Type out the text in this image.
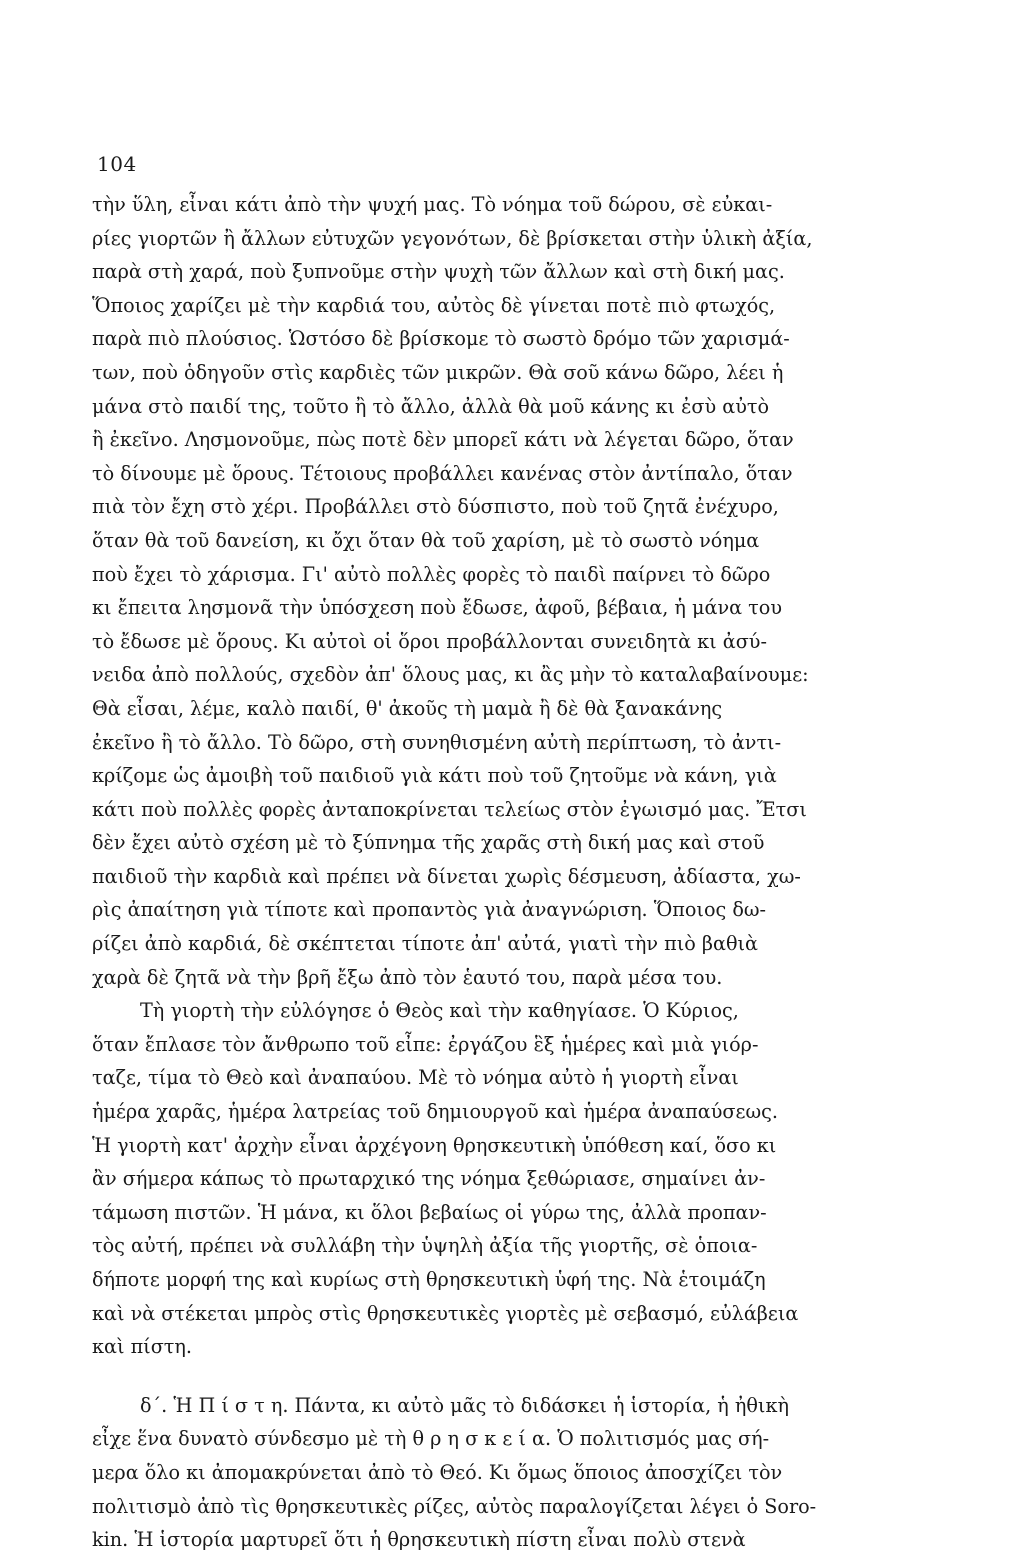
104
τὴν ὕλη, εἶναι κάτι ἀπὸ τὴν ψυχή μας. Τὸ νόημα τοῦ δώρου, σὲ εὐκαι-
ρίες γιορτῶν ἢ ἄλλων εὐτυχῶν γεγονότων, δὲ βρίσκεται στὴν ὑλικὴ ἀξία,
παρὰ στὴ χαρά, ποὺ ξυπνοῦμε στὴν ψυχὴ τῶν ἄλλων καὶ στὴ δική μας.
Ὅποιος χαρίζει μὲ τὴν καρδιά του, αὐτὸς δὲ γίνεται ποτὲ πιὸ φτωχός,
παρὰ πιὸ πλούσιος. Ὡστόσο δὲ βρίσκομε τὸ σωστὸ δρόμο τῶν χαρισμά-
των, ποὺ ὁδηγοῦν στὶς καρδιὲς τῶν μικρῶν. Θὰ σοῦ κάνω δῶρο, λέει ἡ
μάνα στὸ παιδί της, τοῦτο ἢ τὸ ἄλλο, ἀλλὰ θὰ μοῦ κάνης κι ἐσὺ αὐτὸ
ἢ ἐκεῖνο. Λησμονοῦμε, πὼς ποτὲ δὲν μπορεῖ κάτι νὰ λέγεται δῶρο, ὅταν
τὸ δίνουμε μὲ ὅρους. Τέτοιους προβάλλει κανένας στὸν ἀντίπαλο, ὅταν
πιὰ τὸν ἔχη στὸ χέρι. Προβάλλει στὸ δύσπιστο, ποὺ τοῦ ζητᾶ ἐνέχυρο,
ὅταν θὰ τοῦ δανείση, κι ὄχι ὅταν θὰ τοῦ χαρίση, μὲ τὸ σωστὸ νόημα
ποὺ ἔχει τὸ χάρισμα. Γι' αὐτὸ πολλὲς φορὲς τὸ παιδὶ παίρνει τὸ δῶρο
κι ἔπειτα λησμονᾶ τὴν ὑπόσχεση ποὺ ἔδωσε, ἀφοῦ, βέβαια, ἡ μάνα του
τὸ ἔδωσε μὲ ὅρους. Κι αὐτοὶ οἱ ὅροι προβάλλονται συνειδητὰ κι ἀσύ-
νειδα ἀπὸ πολλούς, σχεδὸν ἀπ' ὅλους μας, κι ἂς μὴν τὸ καταλαβαίνουμε:
Θὰ εἶσαι, λέμε, καλὸ παιδί, θ' ἀκοῦς τὴ μαμὰ ἢ δὲ θὰ ξανακάνης
ἐκεῖνο ἢ τὸ ἄλλο. Τὸ δῶρο, στὴ συνηθισμένη αὐτὴ περίπτωση, τὸ ἀντι-
κρίζομε ὡς ἀμοιβὴ τοῦ παιδιοῦ γιὰ κάτι ποὺ τοῦ ζητοῦμε νὰ κάνη, γιὰ
κάτι ποὺ πολλὲς φορὲς ἀνταποκρίνεται τελείως στὸν ἐγωισμό μας. Ἔτσι
δὲν ἔχει αὐτὸ σχέση μὲ τὸ ξύπνημα τῆς χαρᾶς στὴ δική μας καὶ στοῦ
παιδιοῦ τὴν καρδιὰ καὶ πρέπει νὰ δίνεται χωρὶς δέσμευση, ἀδίαστα, χω-
ρὶς ἀπαίτηση γιὰ τίποτε καὶ προπαντὸς γιὰ ἀναγνώριση. Ὅποιος δω-
ρίζει ἀπὸ καρδιά, δὲ σκέπτεται τίποτε ἀπ' αὐτά, γιατὶ τὴν πιὸ βαθιὰ
χαρὰ δὲ ζητᾶ νὰ τὴν βρῆ ἔξω ἀπὸ τὸν ἑαυτό του, παρὰ μέσα του.
Τὴ γιορτὴ τὴν εὐλόγησε ὁ Θεὸς καὶ τὴν καθηγίασε. Ὁ Κύριος,
ὅταν ἔπλασε τὸν ἄνθρωπο τοῦ εἶπε: ἐργάζου ἓξ ἡμέρες καὶ μιὰ γιόρ-
ταζε, τίμα τὸ Θεὸ καὶ ἀναπαύου. Μὲ τὸ νόημα αὐτὸ ἡ γιορτὴ εἶναι
ἡμέρα χαρᾶς, ἡμέρα λατρείας τοῦ δημιουργοῦ καὶ ἡμέρα ἀναπαύσεως.
Ἡ γιορτὴ κατ' ἀρχὴν εἶναι ἀρχέγονη θρησκευτικὴ ὑπόθεση καί, ὅσο κι
ἂν σήμερα κάπως τὸ πρωταρχικό της νόημα ξεθώριασε, σημαίνει ἀν-
τάμωση πιστῶν. Ἡ μάνα, κι ὅλοι βεβαίως οἱ γύρω της, ἀλλὰ προπαν-
τὸς αὐτή, πρέπει νὰ συλλάβη τὴν ὑψηλὴ ἀξία τῆς γιορτῆς, σὲ ὁποια-
δήποτε μορφή της καὶ κυρίως στὴ θρησκευτικὴ ὑφή της. Νὰ ἑτοιμάζη
καὶ νὰ στέκεται μπρὸς στὶς θρησκευτικὲς γιορτὲς μὲ σεβασμό, εὐλάβεια
καὶ πίστη.
δ΄. Ἡ Π ί σ τ η. Πάντα, κι αὐτὸ μᾶς τὸ διδάσκει ἡ ἱστορία, ἡ ἠθικὴ
εἶχε ἕνα δυνατὸ σύνδεσμο μὲ τὴ θ ρ η σ κ ε ί α. Ὁ πολιτισμός μας σή-
μερα ὅλο κι ἀπομακρύνεται ἀπὸ τὸ Θεό. Κι ὅμως ὅποιος ἀποσχίζει τὸν
πολιτισμὸ ἀπὸ τὶς θρησκευτικὲς ρίζες, αὐτὸς παραλογίζεται λέγει ὁ Soro-
kin. Ἡ ἱστορία μαρτυρεῖ ὅτι ἡ θρησκευτικὴ πίστη εἶναι πολὺ στενὰ
